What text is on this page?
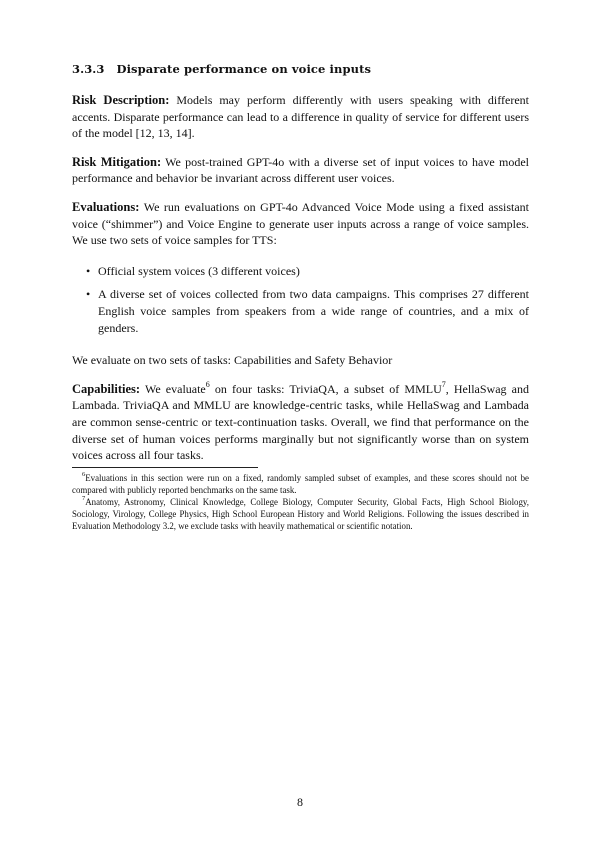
3.3.3 Disparate performance on voice inputs

Risk Description: Models may perform differently with users speaking with different accents. Disparate performance can lead to a difference in quality of service for different users of the model [12, 13, 14].

Risk Mitigation: We post-trained GPT-4o with a diverse set of input voices to have model performance and behavior be invariant across different user voices.

Evaluations: We run evaluations on GPT-4o Advanced Voice Mode using a fixed assistant voice (“shimmer”) and Voice Engine to generate user inputs across a range of voice samples. We use two sets of voice samples for TTS:

• Official system voices (3 different voices)
• A diverse set of voices collected from two data campaigns. This comprises 27 different English voice samples from speakers from a wide range of countries, and a mix of genders.

We evaluate on two sets of tasks: Capabilities and Safety Behavior

Capabilities: We evaluate$^6$ on four tasks: TriviaQA, a subset of MMLU$^7$, HellaSwag and Lambada. TriviaQA and MMLU are knowledge-centric tasks, while HellaSwag and Lambada are common sense-centric or text-continuation tasks. Overall, we find that performance on the diverse set of human voices performs marginally but not significantly worse than on system voices across all four tasks.

$^6$Evaluations in this section were run on a fixed, randomly sampled subset of examples, and these scores should not be compared with publicly reported benchmarks on the same task.

$^7$Anatomy, Astronomy, Clinical Knowledge, College Biology, Computer Security, Global Facts, High School Biology, Sociology, Virology, College Physics, High School European History and World Religions. Following the issues described in Evaluation Methodology 3.2, we exclude tasks with heavily mathematical or scientific notation.

8
